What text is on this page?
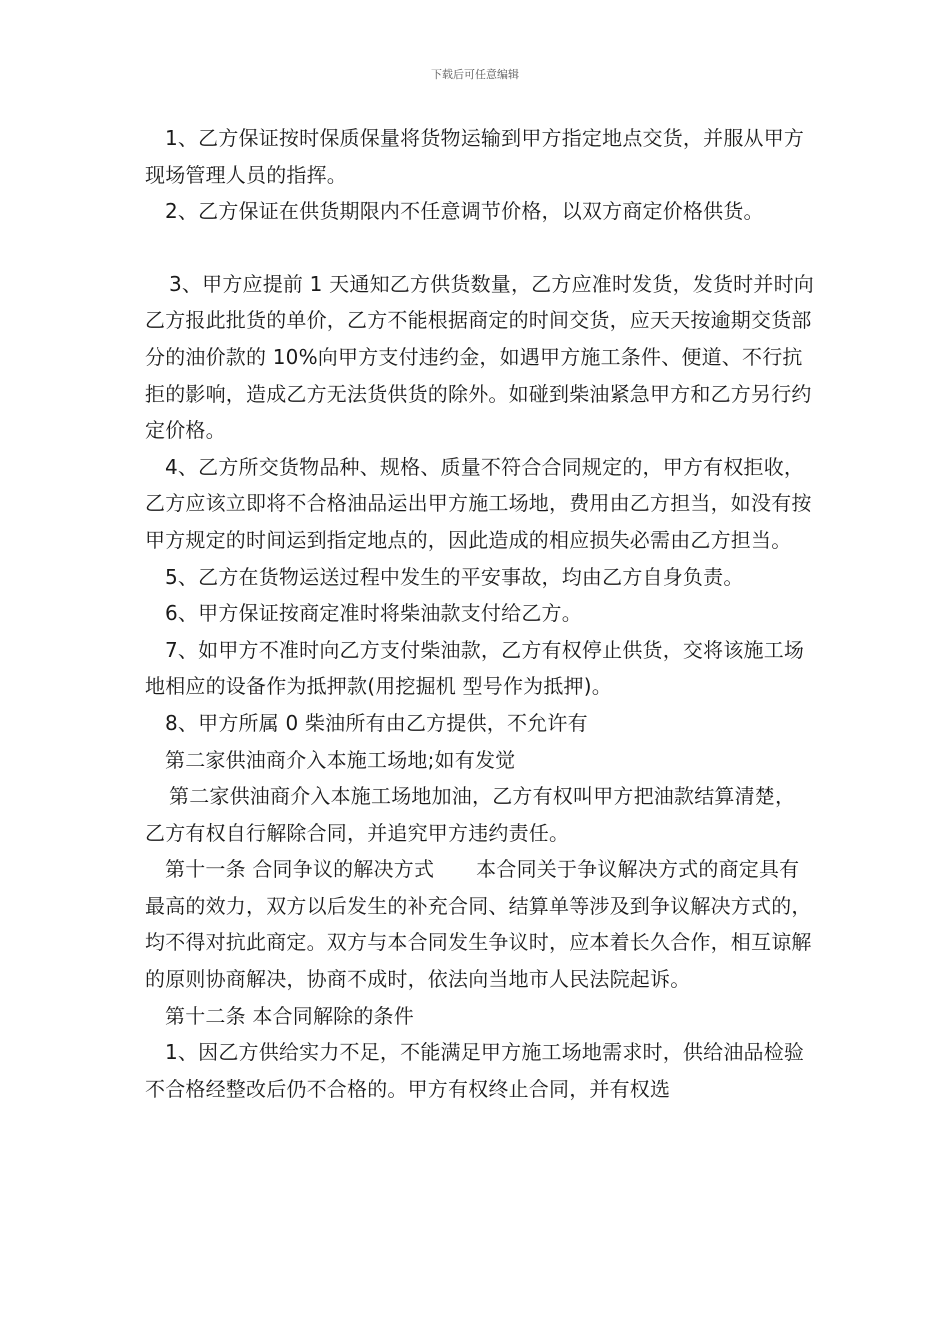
下载后可任意编辑

1、乙方保证按时保质保量将货物运输到甲方指定地点交货，并服从甲方现场管理人员的指挥。

2、乙方保证在供货期限内不任意调节价格，以双方商定价格供货。

3、甲方应提前 1 天通知乙方供货数量，乙方应准时发货，发货时并时向乙方报此批货的单价，乙方不能根据商定的时间交货，应天天按逾期交货部分的油价款的 10%向甲方支付违约金，如遇甲方施工条件、便道、不行抗拒的影响，造成乙方无法货供货的除外。如碰到柴油紧急甲方和乙方另行约定价格。

4、乙方所交货物品种、规格、质量不符合合同规定的，甲方有权拒收，乙方应该立即将不合格油品运出甲方施工场地，费用由乙方担当，如没有按甲方规定的时间运到指定地点的，因此造成的相应损失必需由乙方担当。

5、乙方在货物运送过程中发生的平安事故，均由乙方自身负责。

6、甲方保证按商定准时将柴油款支付给乙方。

7、如甲方不准时向乙方支付柴油款，乙方有权停止供货，交将该施工场地相应的设备作为抵押款(用挖掘机 型号作为抵押)。

8、甲方所属 0 柴油所有由乙方提供，不允许有

第二家供油商介入本施工场地;如有发觉

第二家供油商介入本施工场地加油，乙方有权叫甲方把油款结算清楚，乙方有权自行解除合同，并追究甲方违约责任。

第十一条 合同争议的解决方式 本合同关于争议解决方式的商定具有最高的效力，双方以后发生的补充合同、结算单等涉及到争议解决方式的，均不得对抗此商定。双方与本合同发生争议时，应本着长久合作，相互谅解的原则协商解决，协商不成时，依法向当地市人民法院起诉。

第十二条 本合同解除的条件

1、因乙方供给实力不足，不能满足甲方施工场地需求时，供给油品检验不合格经整改后仍不合格的。甲方有权终止合同，并有权选
